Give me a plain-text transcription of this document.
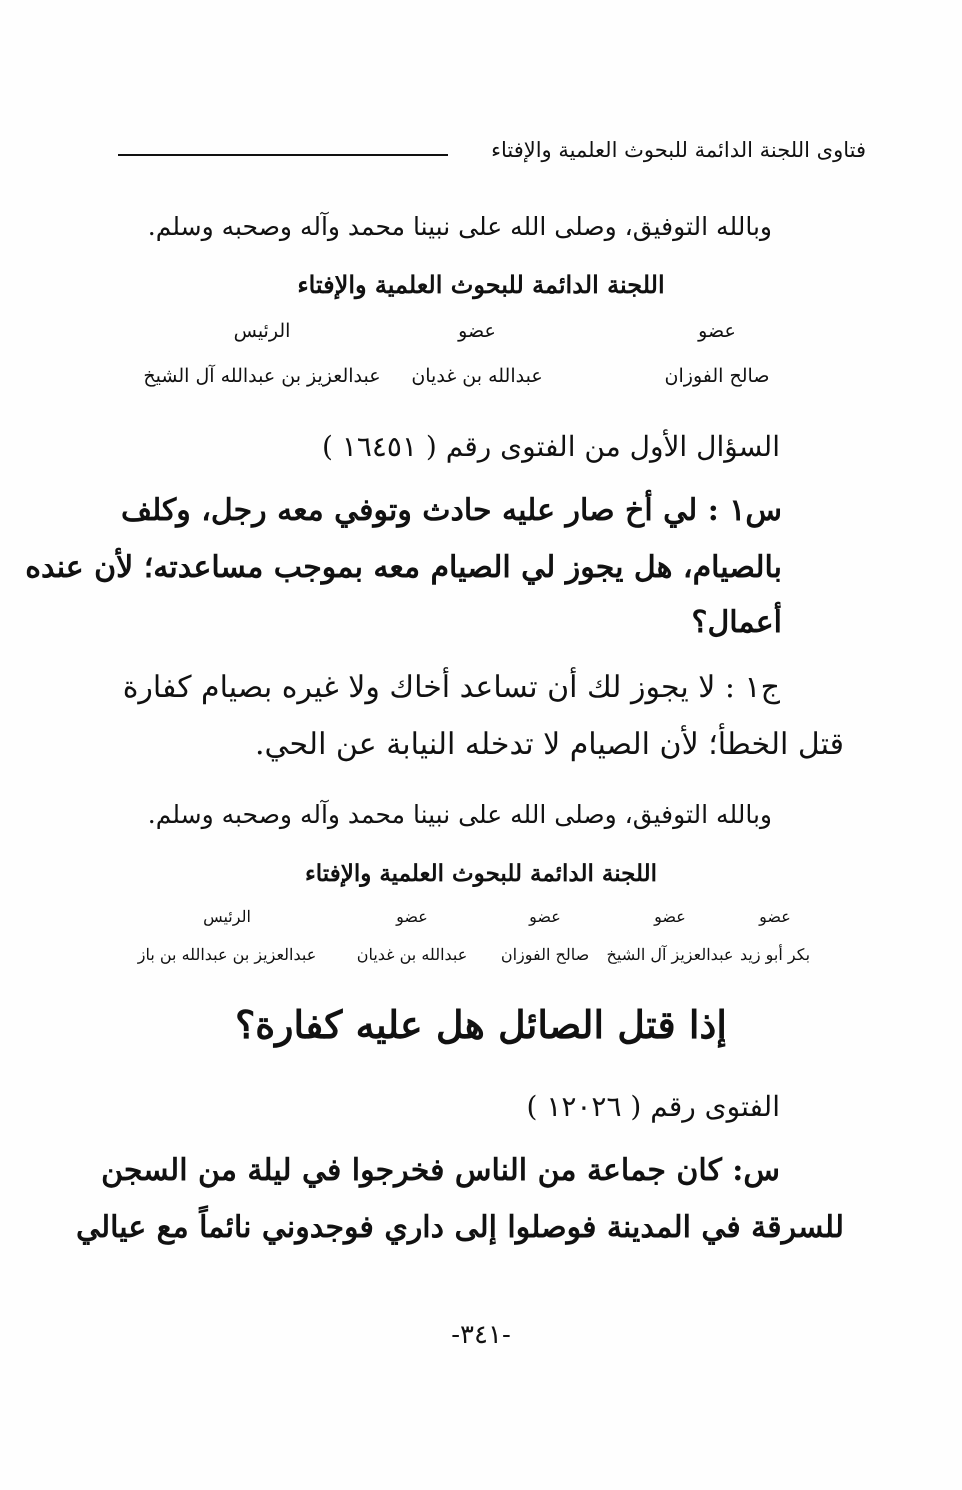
فتاوى اللجنة الدائمة للبحوث العلمية والإفتاء
وبالله التوفيق، وصلى الله على نبينا محمد وآله وصحبه وسلم.
اللجنة الدائمة للبحوث العلمية والإفتاء
عضو
صالح الفوزان
عضو
عبدالله بن غديان
الرئيس
عبدالعزيز بن عبدالله آل الشيخ
السؤال الأول من الفتوى رقم ( ١٦٤٥١ )
س١ : لي أخ صار عليه حادث وتوفي معه رجل، وكلف
بالصيام، هل يجوز لي الصيام معه بموجب مساعدته؛ لأن عنده
أعمال؟
ج١ : لا يجوز لك أن تساعد أخاك ولا غيره بصيام كفارة
قتل الخطأ؛ لأن الصيام لا تدخله النيابة عن الحي.
وبالله التوفيق، وصلى الله على نبينا محمد وآله وصحبه وسلم.
اللجنة الدائمة للبحوث العلمية والإفتاء
عضو
بكر أبو زيد
عضو
عبدالعزيز آل الشيخ
عضو
صالح الفوزان
عضو
عبدالله بن غديان
الرئيس
عبدالعزيز بن عبدالله بن باز
إذا قتل الصائل هل عليه كفارة؟
الفتوى رقم ( ١٢٠٢٦ )
س: كان جماعة من الناس فخرجوا في ليلة من السجن
للسرقة في المدينة فوصلوا إلى داري فوجدوني نائماً مع عيالي
-٣٤١-
